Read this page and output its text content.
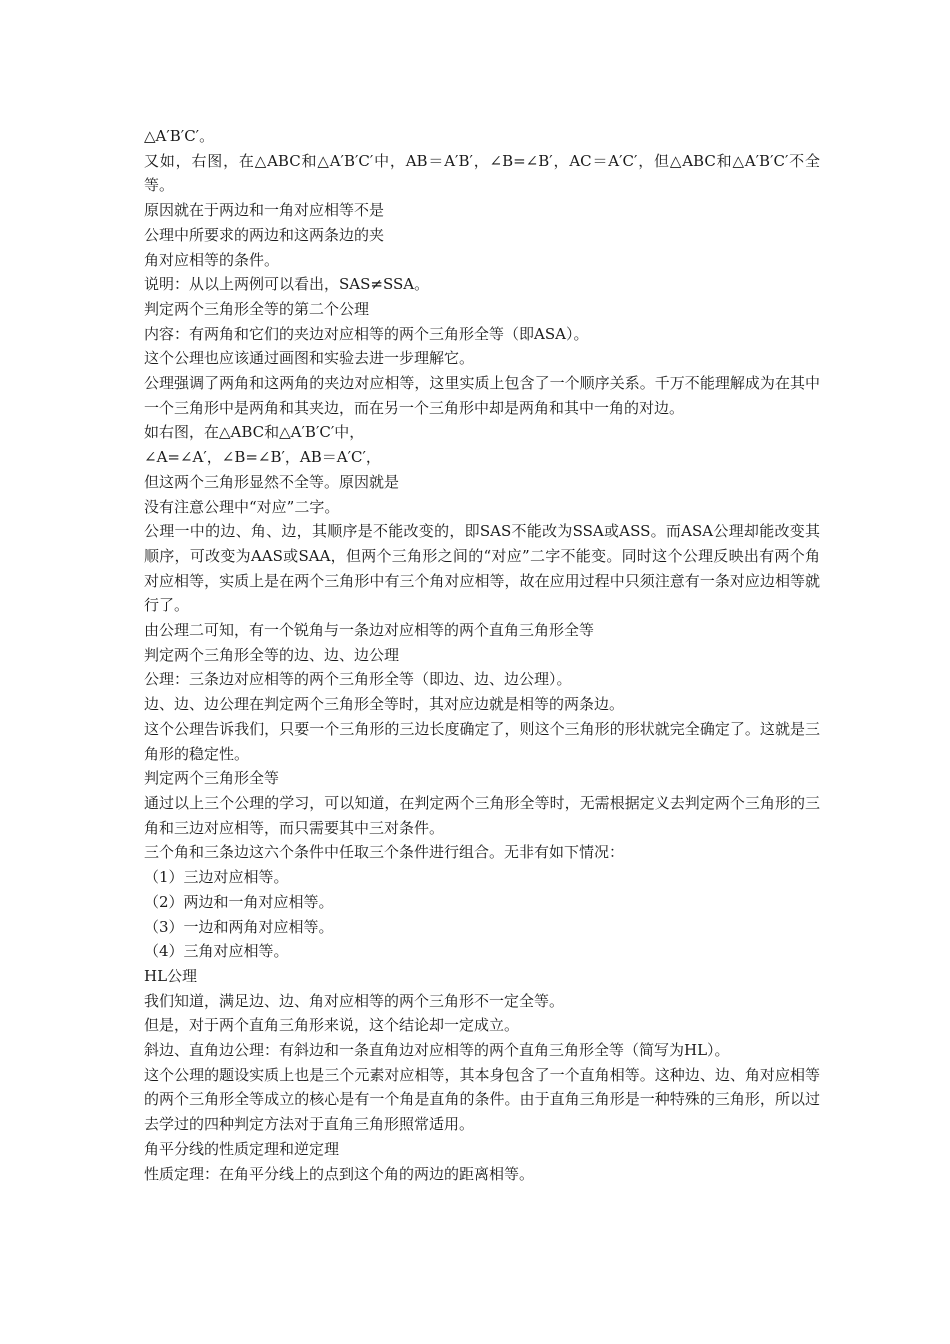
△A′B′C′。

又如，右图，在△ABC和△A′B′C′中，AB＝A′B′，∠B=∠B′，AC＝A′C′，但△ABC和△A′B′C′不全等。

原因就在于两边和一角对应相等不是

公理中所要求的两边和这两条边的夹

角对应相等的条件。

说明：从以上两例可以看出，SAS≠SSA。

判定两个三角形全等的第二个公理

内容：有两角和它们的夹边对应相等的两个三角形全等（即ASA）。

这个公理也应该通过画图和实验去进一步理解它。

公理强调了两角和这两角的夹边对应相等，这里实质上包含了一个顺序关系。千万不能理解成为在其中一个三角形中是两角和其夹边，而在另一个三角形中却是两角和其中一角的对边。

如右图，在△ABC和△A′B′C′中，

∠A=∠A′，∠B=∠B′，AB＝A′C′，

但这两个三角形显然不全等。原因就是

没有注意公理中“对应”二字。

公理一中的边、角、边，其顺序是不能改变的，即SAS不能改为SSA或ASS。而ASA公理却能改变其顺序，可改变为AAS或SAA，但两个三角形之间的“对应”二字不能变。同时这个公理反映出有两个角对应相等，实质上是在两个三角形中有三个角对应相等，故在应用过程中只须注意有一条对应边相等就行了。

由公理二可知，有一个锐角与一条边对应相等的两个直角三角形全等

判定两个三角形全等的边、边、边公理

公理：三条边对应相等的两个三角形全等（即边、边、边公理）。

边、边、边公理在判定两个三角形全等时，其对应边就是相等的两条边。

这个公理告诉我们，只要一个三角形的三边长度确定了，则这个三角形的形状就完全确定了。这就是三角形的稳定性。

判定两个三角形全等

通过以上三个公理的学习，可以知道，在判定两个三角形全等时，无需根据定义去判定两个三角形的三角和三边对应相等，而只需要其中三对条件。

三个角和三条边这六个条件中任取三个条件进行组合。无非有如下情况：

（1）三边对应相等。

（2）两边和一角对应相等。

（3）一边和两角对应相等。

（4）三角对应相等。

HL公理

我们知道，满足边、边、角对应相等的两个三角形不一定全等。

但是，对于两个直角三角形来说，这个结论却一定成立。

斜边、直角边公理：有斜边和一条直角边对应相等的两个直角三角形全等（简写为HL）。

这个公理的题设实质上也是三个元素对应相等，其本身包含了一个直角相等。这种边、边、角对应相等的两个三角形全等成立的核心是有一个角是直角的条件。由于直角三角形是一种特殊的三角形，所以过去学过的四种判定方法对于直角三角形照常适用。

角平分线的性质定理和逆定理

性质定理：在角平分线上的点到这个角的两边的距离相等。
